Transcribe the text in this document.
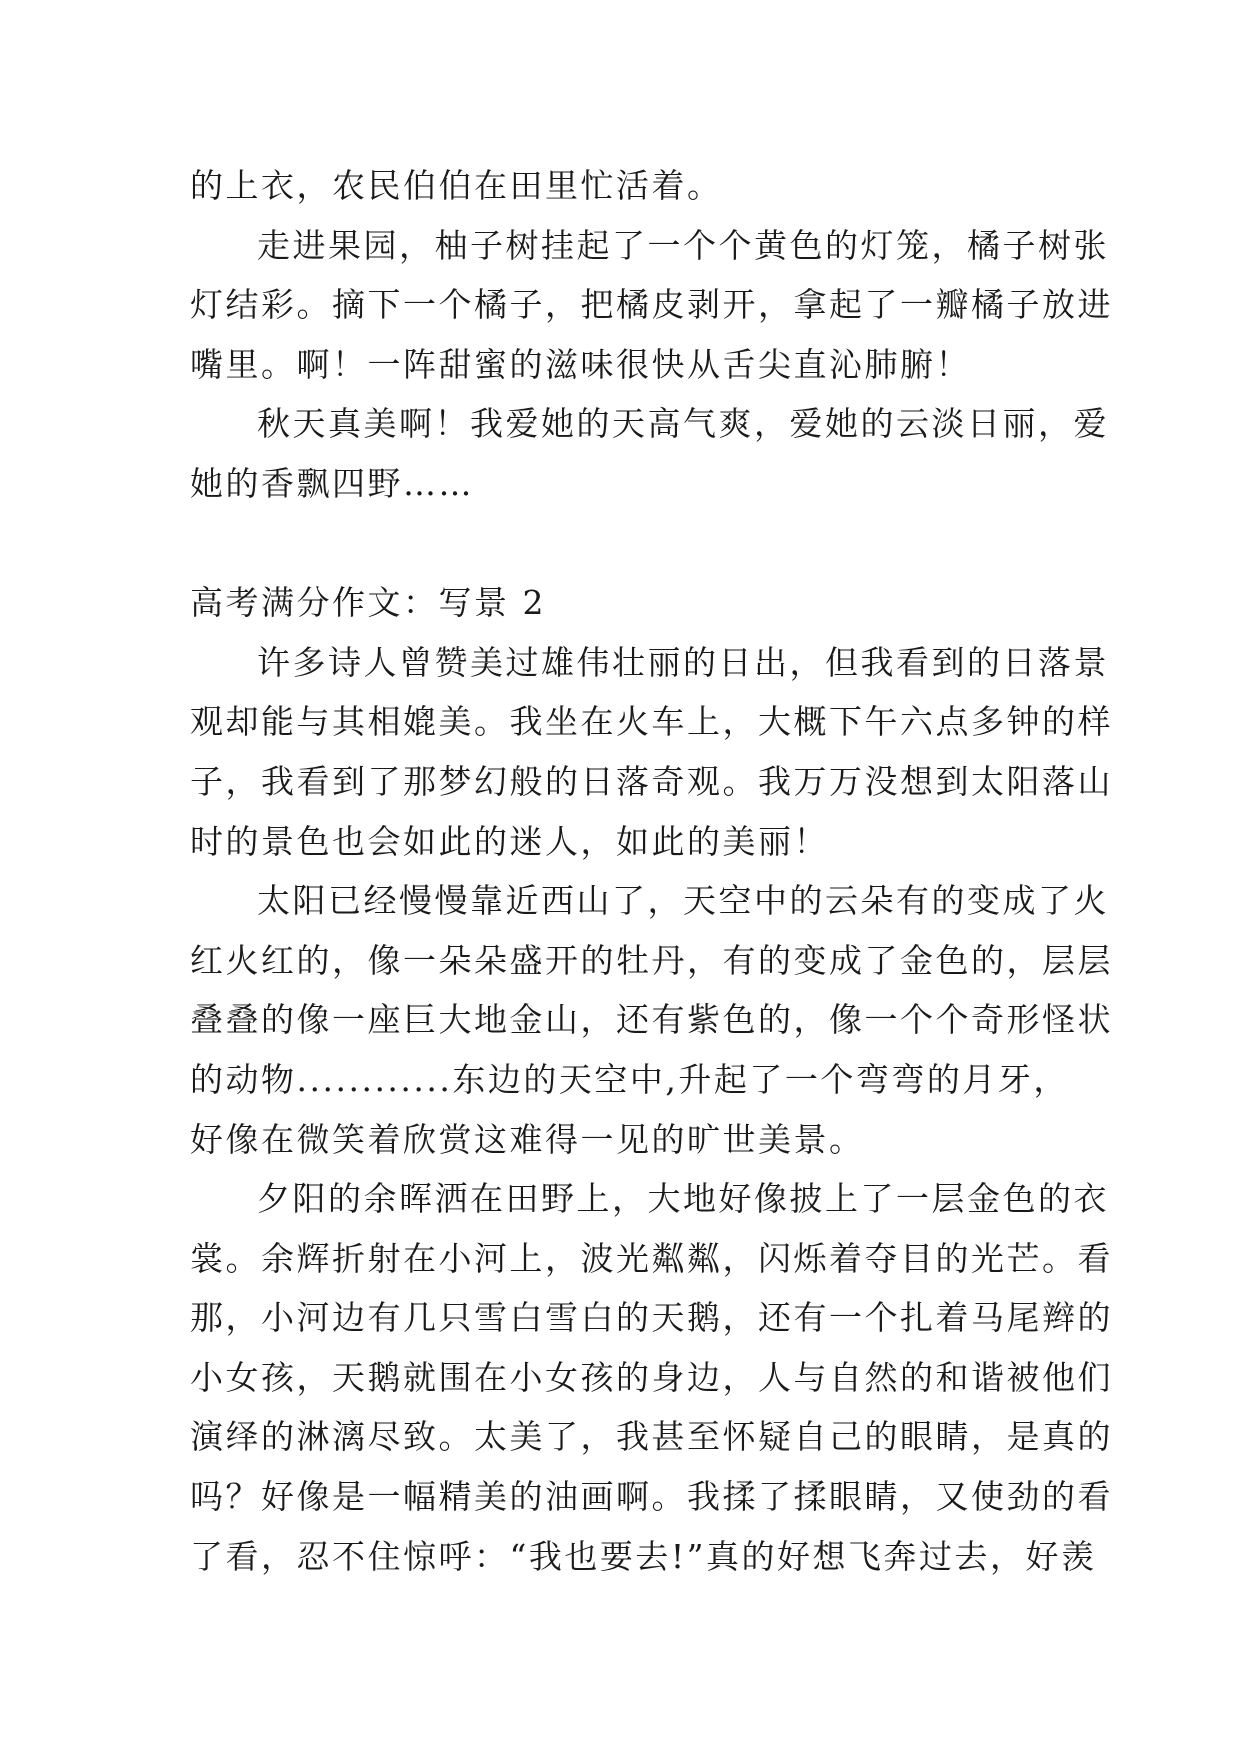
的上衣，农民伯伯在田里忙活着。
走进果园，柚子树挂起了一个个黄色的灯笼，橘子树张
灯结彩。摘下一个橘子，把橘皮剥开，拿起了一瓣橘子放进
嘴里。啊！一阵甜蜜的滋味很快从舌尖直沁肺腑！
秋天真美啊！我爱她的天高气爽，爱她的云淡日丽，爱
她的香飘四野……
高考满分作文：写景 2
许多诗人曾赞美过雄伟壮丽的日出，但我看到的日落景
观却能与其相媲美。我坐在火车上，大概下午六点多钟的样
子，我看到了那梦幻般的日落奇观。我万万没想到太阳落山
时的景色也会如此的迷人，如此的美丽！
太阳已经慢慢靠近西山了，天空中的云朵有的变成了火
红火红的，像一朵朵盛开的牡丹，有的变成了金色的，层层
叠叠的像一座巨大地金山，还有紫色的，像一个个奇形怪状
的动物............东边的天空中,升起了一个弯弯的月牙，
好像在微笑着欣赏这难得一见的旷世美景。
夕阳的余晖洒在田野上，大地好像披上了一层金色的衣
裳。余辉折射在小河上，波光粼粼，闪烁着夺目的光芒。看
那，小河边有几只雪白雪白的天鹅，还有一个扎着马尾辫的
小女孩，天鹅就围在小女孩的身边，人与自然的和谐被他们
演绎的淋漓尽致。太美了，我甚至怀疑自己的眼睛，是真的
吗？好像是一幅精美的油画啊。我揉了揉眼睛，又使劲的看
了看，忍不住惊呼：“我也要去!”真的好想飞奔过去，好羡
